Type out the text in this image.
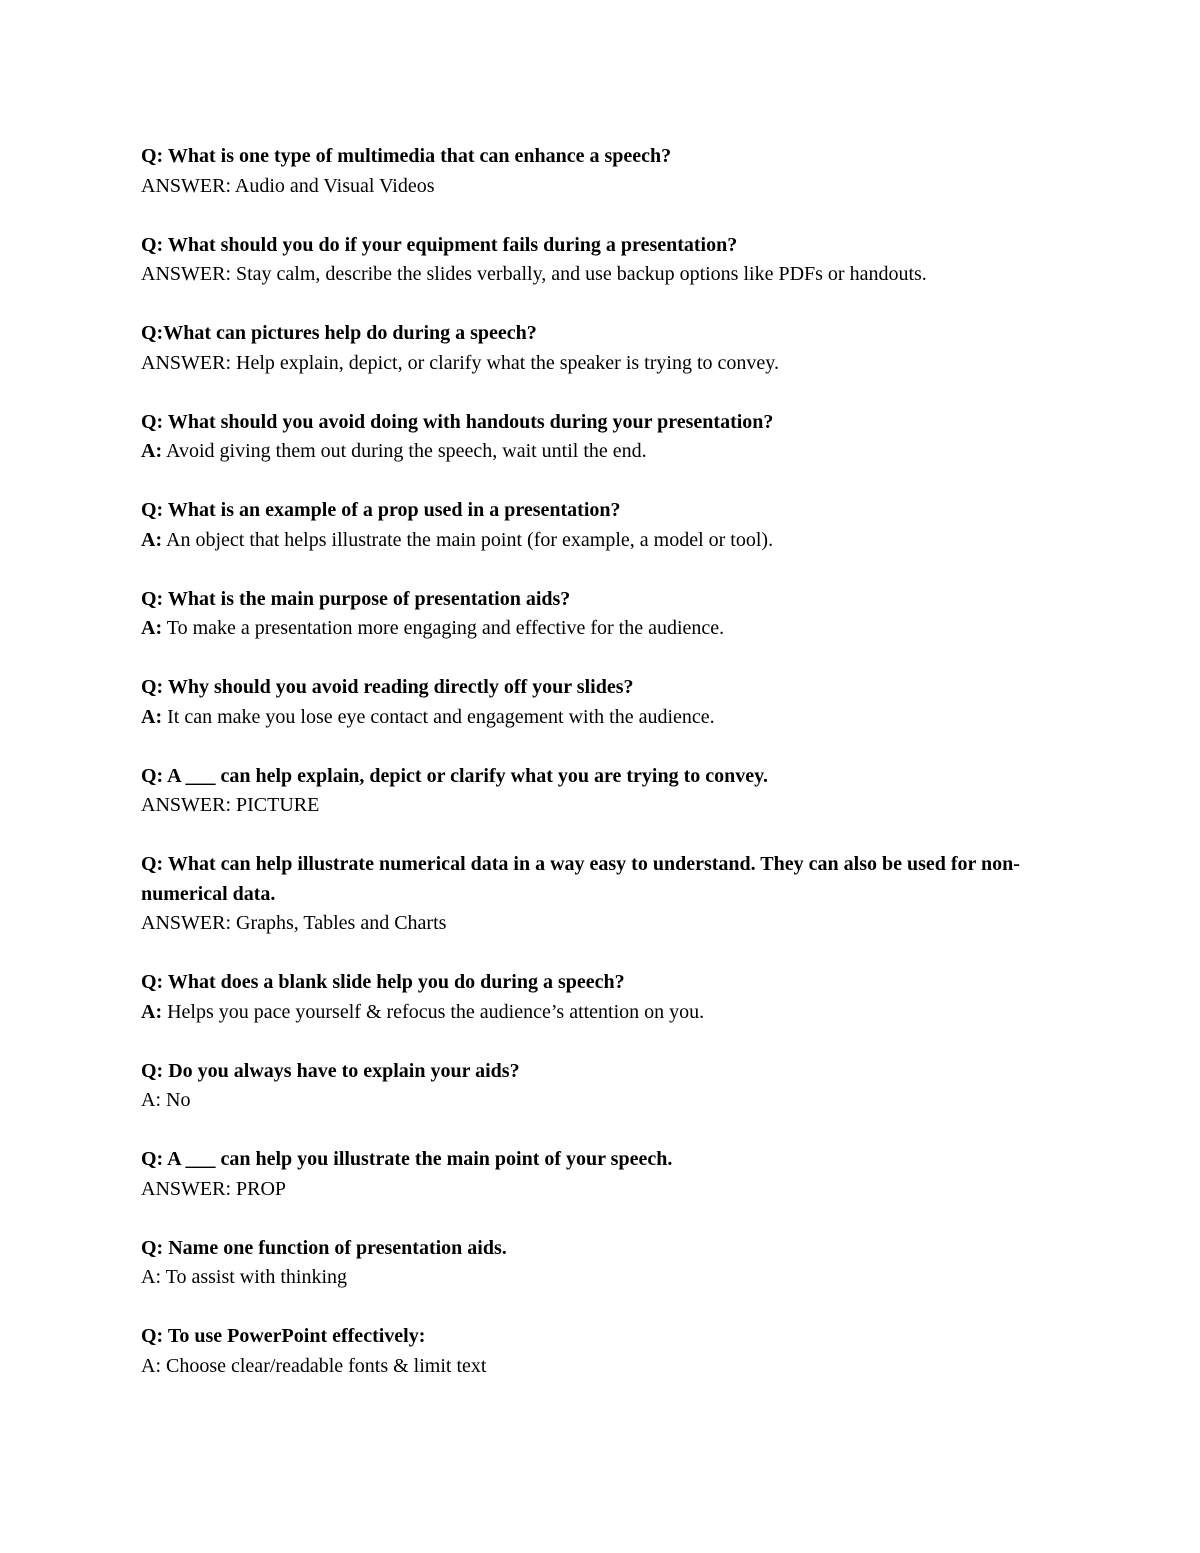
Q: What is one type of multimedia that can enhance a speech?

ANSWER: Audio and Visual Videos

Q: What should you do if your equipment fails during a presentation?

ANSWER: Stay calm, describe the slides verbally, and use backup options like PDFs or handouts.

Q:What can pictures help do during a speech?

ANSWER: Help explain, depict, or clarify what the speaker is trying to convey.

Q: What should you avoid doing with handouts during your presentation?

A: Avoid giving them out during the speech, wait until the end.

Q: What is an example of a prop used in a presentation?

A: An object that helps illustrate the main point (for example, a model or tool).

Q: What is the main purpose of presentation aids?

A: To make a presentation more engaging and effective for the audience.

Q: Why should you avoid reading directly off your slides?

A: It can make you lose eye contact and engagement with the audience.

Q: A ___ can help explain, depict or clarify what you are trying to convey.

ANSWER: PICTURE

Q: What can help illustrate numerical data in a way easy to understand. They can also be used for non-numerical data.

ANSWER: Graphs, Tables and Charts

Q: What does a blank slide help you do during a speech?

A: Helps you pace yourself & refocus the audience’s attention on you.

Q: Do you always have to explain your aids?

A: No

Q: A ___ can help you illustrate the main point of your speech.

ANSWER: PROP

Q: Name one function of presentation aids.

A: To assist with thinking

Q: To use PowerPoint effectively:

A: Choose clear/readable fonts & limit text
